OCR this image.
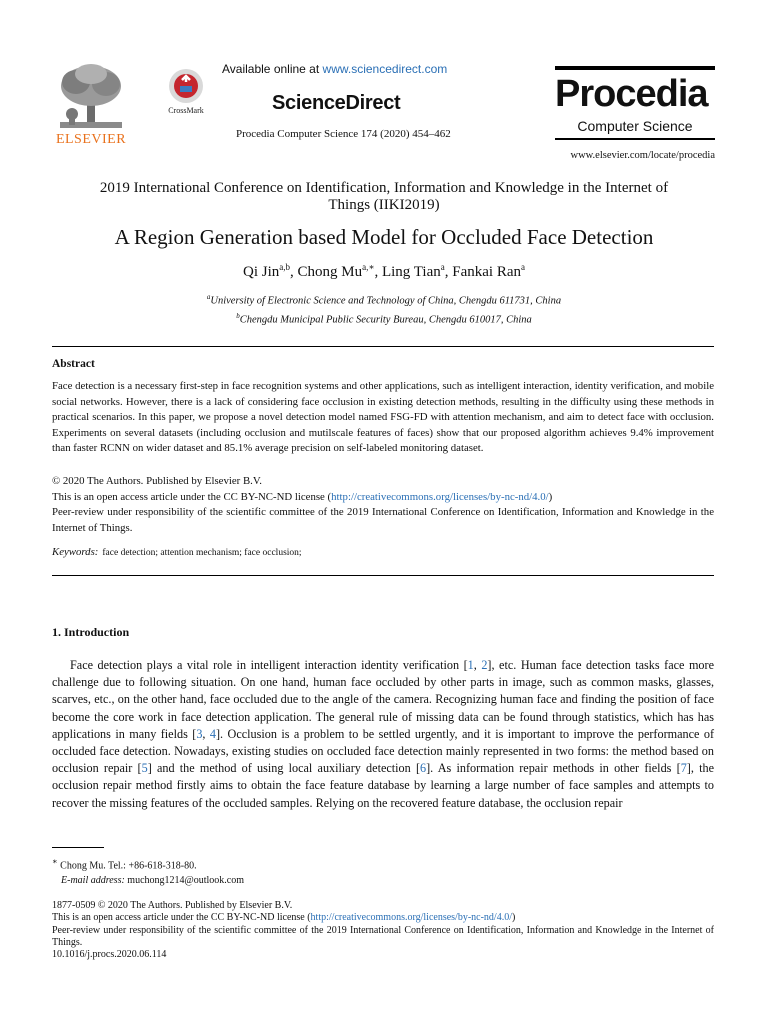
ELSEVIER
CrossMark
Available online at www.sciencedirect.com
ScienceDirect
Procedia Computer Science 174 (2020) 454–462
Procedia
Computer Science
www.elsevier.com/locate/procedia
2019 International Conference on Identification, Information and Knowledge in the Internet of
Things (IIKI2019)
A Region Generation based Model for Occluded Face Detection
Qi Jin$^{a,b}$, Chong $Mu^{a,∗}$, Ling Tian$^a$, Fankai Ran$^a$
$^a$University of Electronic Science and Technology of China, Chengdu 611731, China
$^b$Chengdu Municipal Public Security Bureau, Chengdu 610017, China
Abstract
Face detection is a necessary first-step in face recognition systems and other applications, such as intelligent interaction, identity verification, and mobile social networks. However, there is a lack of considering face occlusion in existing detection methods, resulting in the difficulty using these methods in practical scenarios. In this paper, we propose a novel detection model named FSG-FD with attention mechanism, and aim to detect face with occlusion. Experiments on several datasets (including occlusion and mutilscale features of faces) show that our proposed algorithm achieves 9.4% improvement than faster RCNN on wider dataset and 85.1% average precision on self-labeled monitoring dataset.
© 2020 The Authors. Published by Elsevier B.V.
This is an open access article under the CC BY-NC-ND license (http://creativecommons.org/licenses/by-nc-nd/4.0/)
Peer-review under responsibility of the scientific committee of the 2019 International Conference on Identification, Information and Knowledge in the Internet of Things.
Keywords: face detection; attention mechanism; face occlusion;
1. Introduction
Face detection plays a vital role in intelligent interaction identity verification [1, 2], etc. Human face detection tasks face more challenge due to following situation. On one hand, human face occluded by other parts in image, such as common masks, glasses, scarves, etc., on the other hand, face occluded due to the angle of the camera. Recognizing human face and finding the position of face become the core work in face detection application. The general rule of missing data can be found through statistics, which has has applications in many fields [3, 4]. Occlusion is a problem to be settled urgently, and it is important to improve the performance of occluded face detection. Nowadays, existing studies on occluded face detection mainly represented in two forms: the method based on occlusion repair [5] and the method of using local auxiliary detection [6]. As information repair methods in other fields [7], the occlusion repair method firstly aims to obtain the face feature database by learning a large number of face samples and attempts to recover the missing features of the occluded samples. Relying on the recovered feature database, the occlusion repair
∗ Chong Mu. Tel.: +86-618-318-80.
E-mail address: muchong1214@outlook.com
1877-0509 © 2020 The Authors. Published by Elsevier B.V.
This is an open access article under the CC BY-NC-ND license (http://creativecommons.org/licenses/by-nc-nd/4.0/)
Peer-review under responsibility of the scientific committee of the 2019 International Conference on Identification, Information and Knowledge in the Internet of Things.
10.1016/j.procs.2020.06.114
